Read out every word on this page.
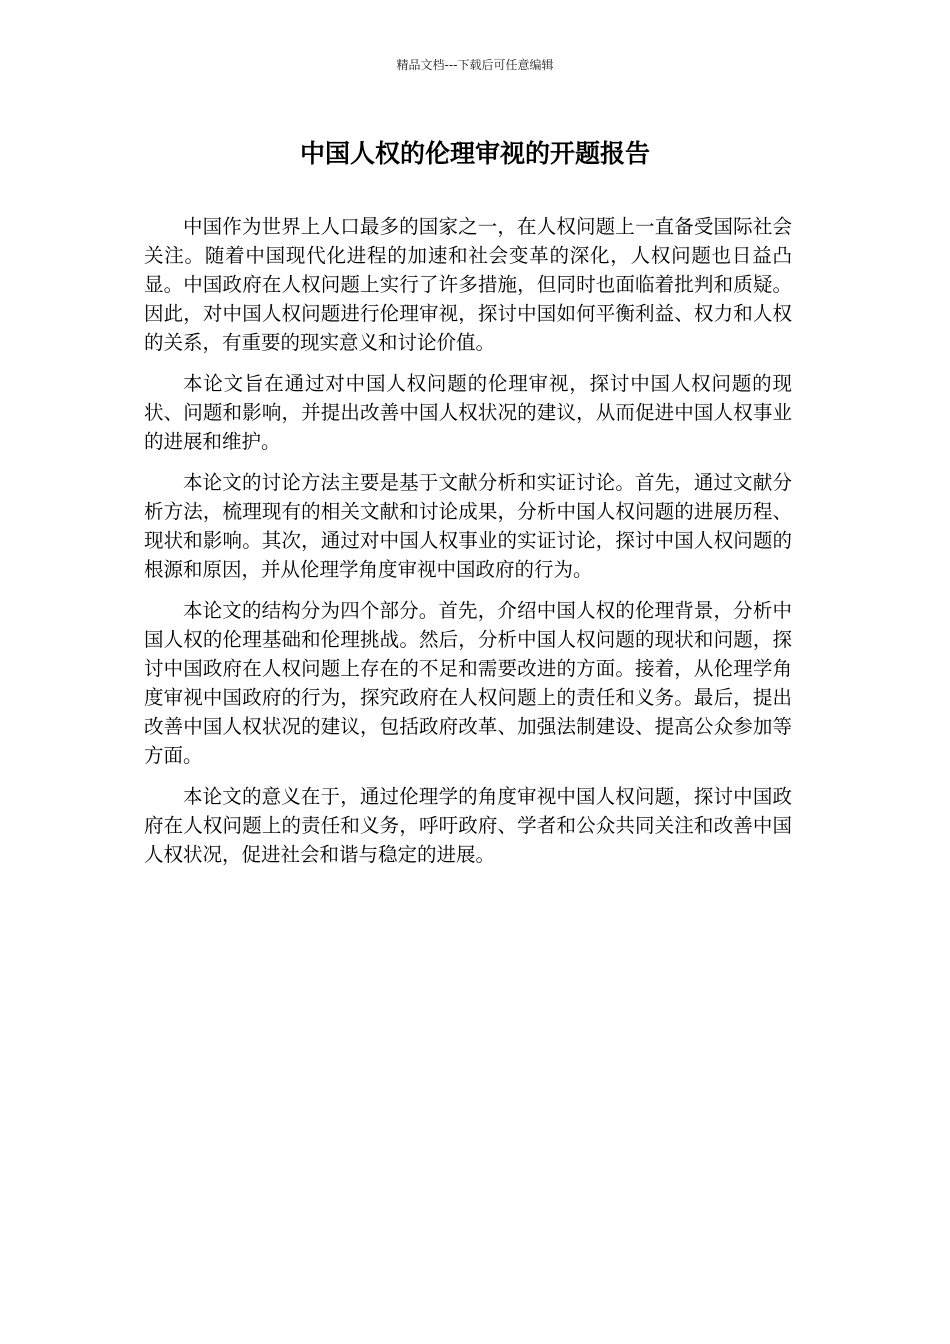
精品文档---下载后可任意编辑
中国人权的伦理审视的开题报告

中国作为世界上人口最多的国家之一，在人权问题上一直备受国际社会关注。随着中国现代化进程的加速和社会变革的深化，人权问题也日益凸显。中国政府在人权问题上实行了许多措施，但同时也面临着批判和质疑。因此，对中国人权问题进行伦理审视，探讨中国如何平衡利益、权力和人权的关系，有重要的现实意义和讨论价值。

本论文旨在通过对中国人权问题的伦理审视，探讨中国人权问题的现状、问题和影响，并提出改善中国人权状况的建议，从而促进中国人权事业的进展和维护。

本论文的讨论方法主要是基于文献分析和实证讨论。首先，通过文献分析方法，梳理现有的相关文献和讨论成果，分析中国人权问题的进展历程、现状和影响。其次，通过对中国人权事业的实证讨论，探讨中国人权问题的根源和原因，并从伦理学角度审视中国政府的行为。

本论文的结构分为四个部分。首先，介绍中国人权的伦理背景，分析中国人权的伦理基础和伦理挑战。然后，分析中国人权问题的现状和问题，探讨中国政府在人权问题上存在的不足和需要改进的方面。接着，从伦理学角度审视中国政府的行为，探究政府在人权问题上的责任和义务。最后，提出改善中国人权状况的建议，包括政府改革、加强法制建设、提高公众参加等方面。

本论文的意义在于，通过伦理学的角度审视中国人权问题，探讨中国政府在人权问题上的责任和义务，呼吁政府、学者和公众共同关注和改善中国人权状况，促进社会和谐与稳定的进展。
